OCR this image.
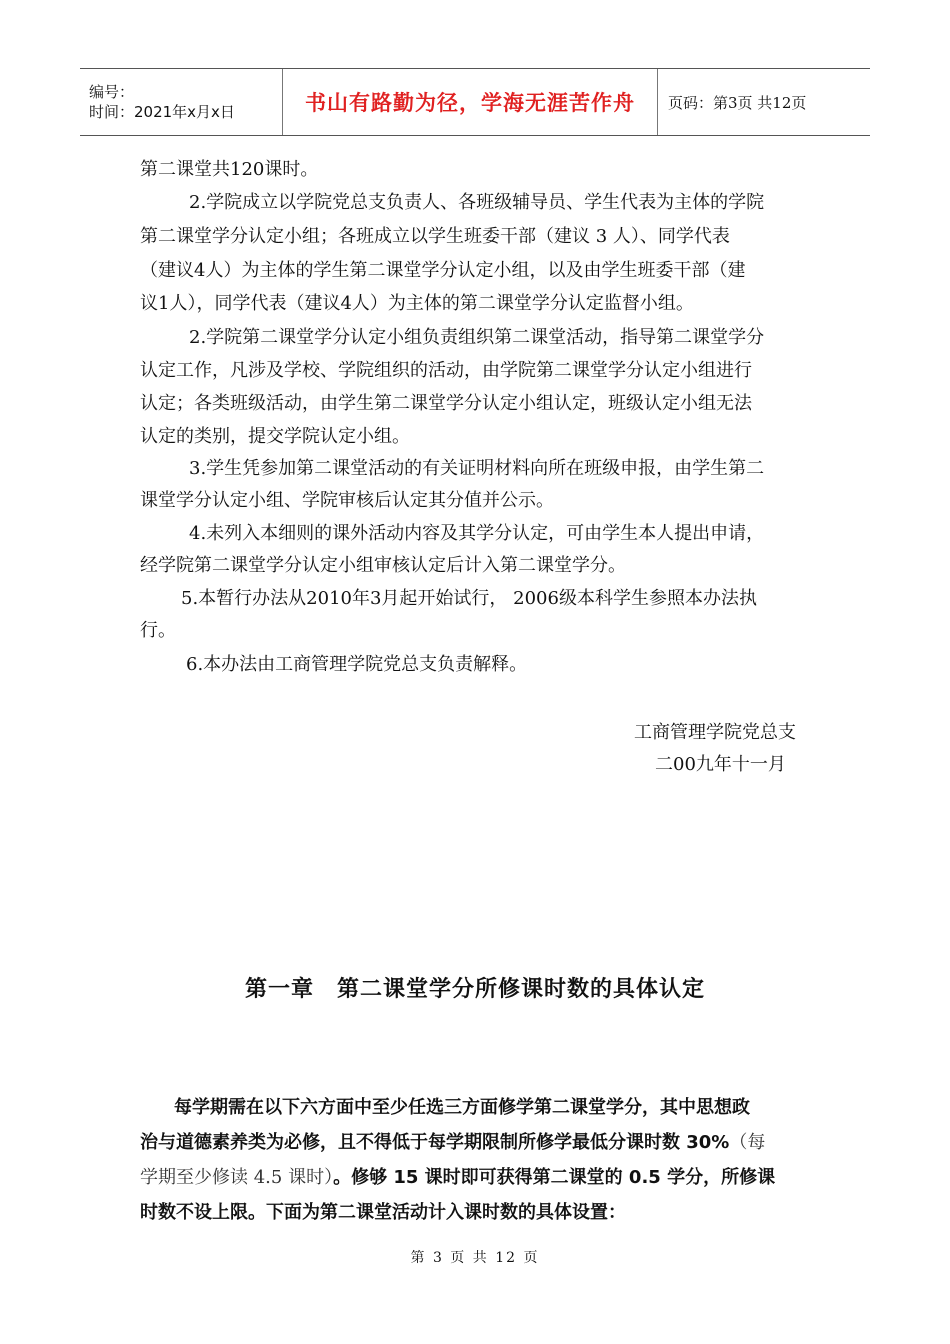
编号：
时间：2021年x月x日	书山有路勤为径，学海无涯苦作舟	页码：第3页 共12页

第二课堂共120课时。

2.学院成立以学院党总支负责人、各班级辅导员、学生代表为主体的学院

第二课堂学分认定小组；各班成立以学生班委干部（建议 3 人）、同学代表

（建议4人）为主体的学生第二课堂学分认定小组，以及由学生班委干部（建

议1人），同学代表（建议4人）为主体的第二课堂学分认定监督小组。

2.学院第二课堂学分认定小组负责组织第二课堂活动，指导第二课堂学分

认定工作，凡涉及学校、学院组织的活动，由学院第二课堂学分认定小组进行

认定；各类班级活动，由学生第二课堂学分认定小组认定，班级认定小组无法

认定的类别，提交学院认定小组。

3.学生凭参加第二课堂活动的有关证明材料向所在班级申报，由学生第二

课堂学分认定小组、学院审核后认定其分值并公示。

4.未列入本细则的课外活动内容及其学分认定，可由学生本人提出申请，

经学院第二课堂学分认定小组审核认定后计入第二课堂学分。

5.本暂行办法从2010年3月起开始试行， 2006级本科学生参照本办法执

行。

6.本办法由工商管理学院党总支负责解释。

工商管理学院党总支
二00九年十一月
第一章　第二课堂学分所修课时数的具体认定
每学期需在以下六方面中至少任选三方面修学第二课堂学分，其中思想政
治与道德素养类为必修，且不得低于每学期限制所修学最低分课时数 30%（每
学期至少修读 4.5 课时）。修够 15 课时即可获得第二课堂的 0.5 学分，所修课
时数不设上限。下面为第二课堂活动计入课时数的具体设置：
第 3 页 共 12 页
